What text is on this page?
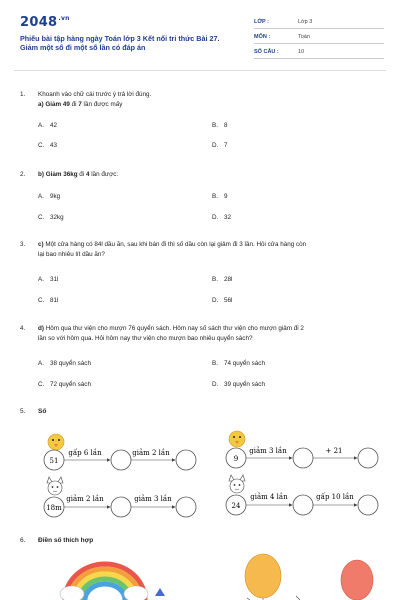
$2048^{.vn}$
Phiếu bài tập hàng ngày Toán lớp 3 Kết nối tri thức Bài 27.
Giảm một số đi một số lần có đáp án
LỚP :	Lớp 3
MÔN :	Toán
SỐ CÂU :	10
1.	Khoanh vào chữ cái trước ý trả lời đúng.
a) Giảm 49 đi 7 lần được mấy
A. 42	B. 8
C. 43	D. 7
2.	b) Giảm 36kg đi 4 lần được:
A. 9kg	B. 9
C. 32kg	D. 32
3.	c) Một cửa hàng có 84l dầu ăn, sau khi bán đi thì số dầu còn lại giảm đi 3 lần. Hỏi cửa hàng còn
lại bao nhiêu lít dầu ăn?
A. 31l	B. 28l
C. 81l	D. 56l
4.	d) Hôm qua thư viện cho mượn 76 quyển sách. Hôm nay số sách thư viện cho mượn giảm đi 2
lần so với hôm qua. Hỏi hôm nay thư viện cho mượn bao nhiêu quyển sách?
A. 38 quyển sách	B. 74 quyển sách
C. 72 quyển sách	D. 39 quyển sách
5. Số
51
gấp 6 lần	giảm 2 lần
9
giảm 3 lần	+ 21
18m
giảm 2 lần	giảm 3 lần
24
giảm 4 lần	gấp 10 lần
6. Điền số thích hợp
